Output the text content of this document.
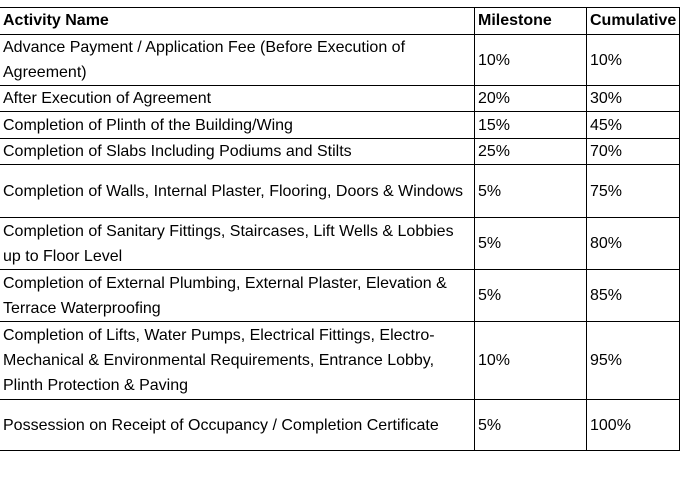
Activity Name	Milestone	Cumulative
Advance Payment / Application Fee (Before Execution of Agreement)	10%	10%
After Execution of Agreement	20%	30%
Completion of Plinth of the Building/Wing	15%	45%
Completion of Slabs Including Podiums and Stilts	25%	70%
Completion of Walls, Internal Plaster, Flooring, Doors & Windows	5%	75%
Completion of Sanitary Fittings, Staircases, Lift Wells & Lobbies up to Floor Level	5%	80%
Completion of External Plumbing, External Plaster, Elevation & Terrace Waterproofing	5%	85%
Completion of Lifts, Water Pumps, Electrical Fittings, Electro-Mechanical & Environmental Requirements, Entrance Lobby, Plinth Protection & Paving	10%	95%
Possession on Receipt of Occupancy / Completion Certificate	5%	100%
